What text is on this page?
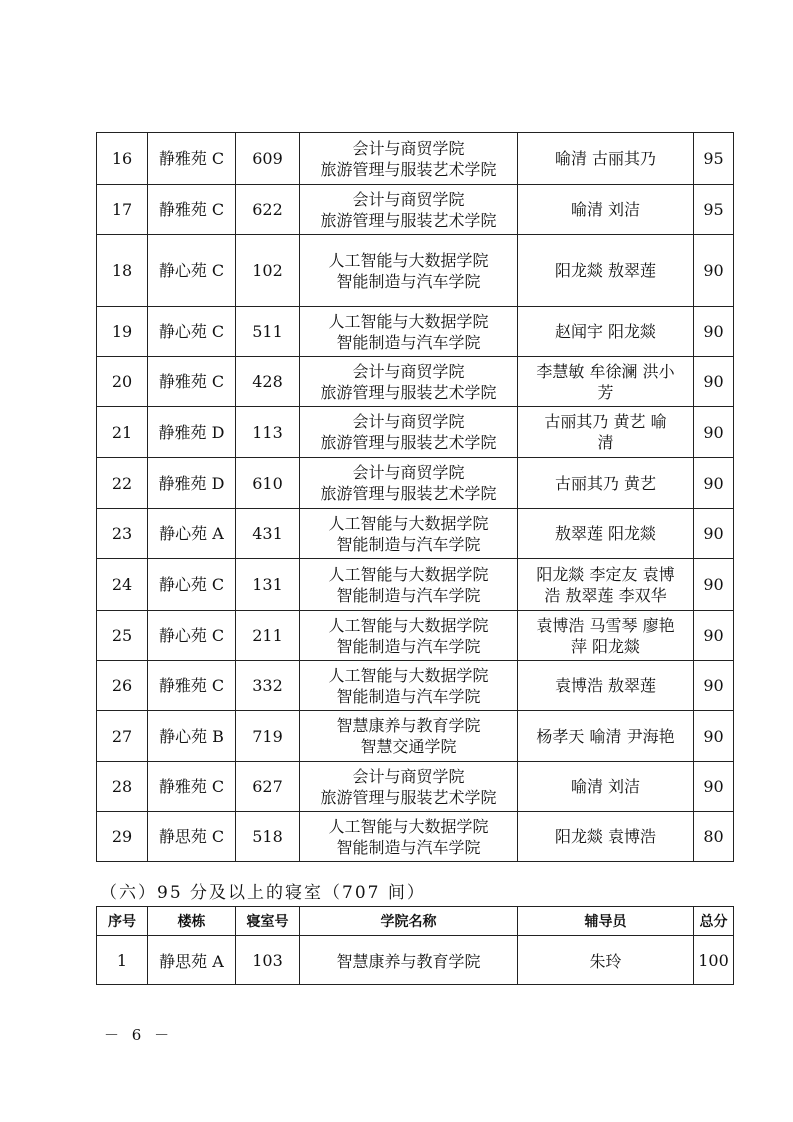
16	静雅苑 C	609	会计与商贸学院
旅游管理与服装艺术学院	喻清 古丽其乃	95
17	静雅苑 C	622	会计与商贸学院
旅游管理与服装艺术学院	喻清 刘洁	95
18	静心苑 C	102	人工智能与大数据学院
智能制造与汽车学院	阳龙燚 敖翠莲	90
19	静心苑 C	511	人工智能与大数据学院
智能制造与汽车学院	赵闻宇 阳龙燚	90
20	静雅苑 C	428	会计与商贸学院
旅游管理与服装艺术学院	李慧敏 牟徐澜 洪小
芳	90
21	静雅苑 D	113	会计与商贸学院
旅游管理与服装艺术学院	古丽其乃 黄艺 喻
清	90
22	静雅苑 D	610	会计与商贸学院
旅游管理与服装艺术学院	古丽其乃 黄艺	90
23	静心苑 A	431	人工智能与大数据学院
智能制造与汽车学院	敖翠莲 阳龙燚	90
24	静心苑 C	131	人工智能与大数据学院
智能制造与汽车学院	阳龙燚 李定友 袁博
浩 敖翠莲 李双华	90
25	静心苑 C	211	人工智能与大数据学院
智能制造与汽车学院	袁博浩 马雪琴 廖艳
萍 阳龙燚	90
26	静雅苑 C	332	人工智能与大数据学院
智能制造与汽车学院	袁博浩 敖翠莲	90
27	静心苑 B	719	智慧康养与教育学院
智慧交通学院	杨孝天 喻清 尹海艳	90
28	静雅苑 C	627	会计与商贸学院
旅游管理与服装艺术学院	喻清 刘洁	90
29	静思苑 C	518	人工智能与大数据学院
智能制造与汽车学院	阳龙燚 袁博浩	80
（六）95 分及以上的寝室（707 间）
序号	楼栋	寝室号	学院名称	辅导员	总分
1	静思苑 A	103	智慧康养与教育学院	朱玲	100
－ 6 －
